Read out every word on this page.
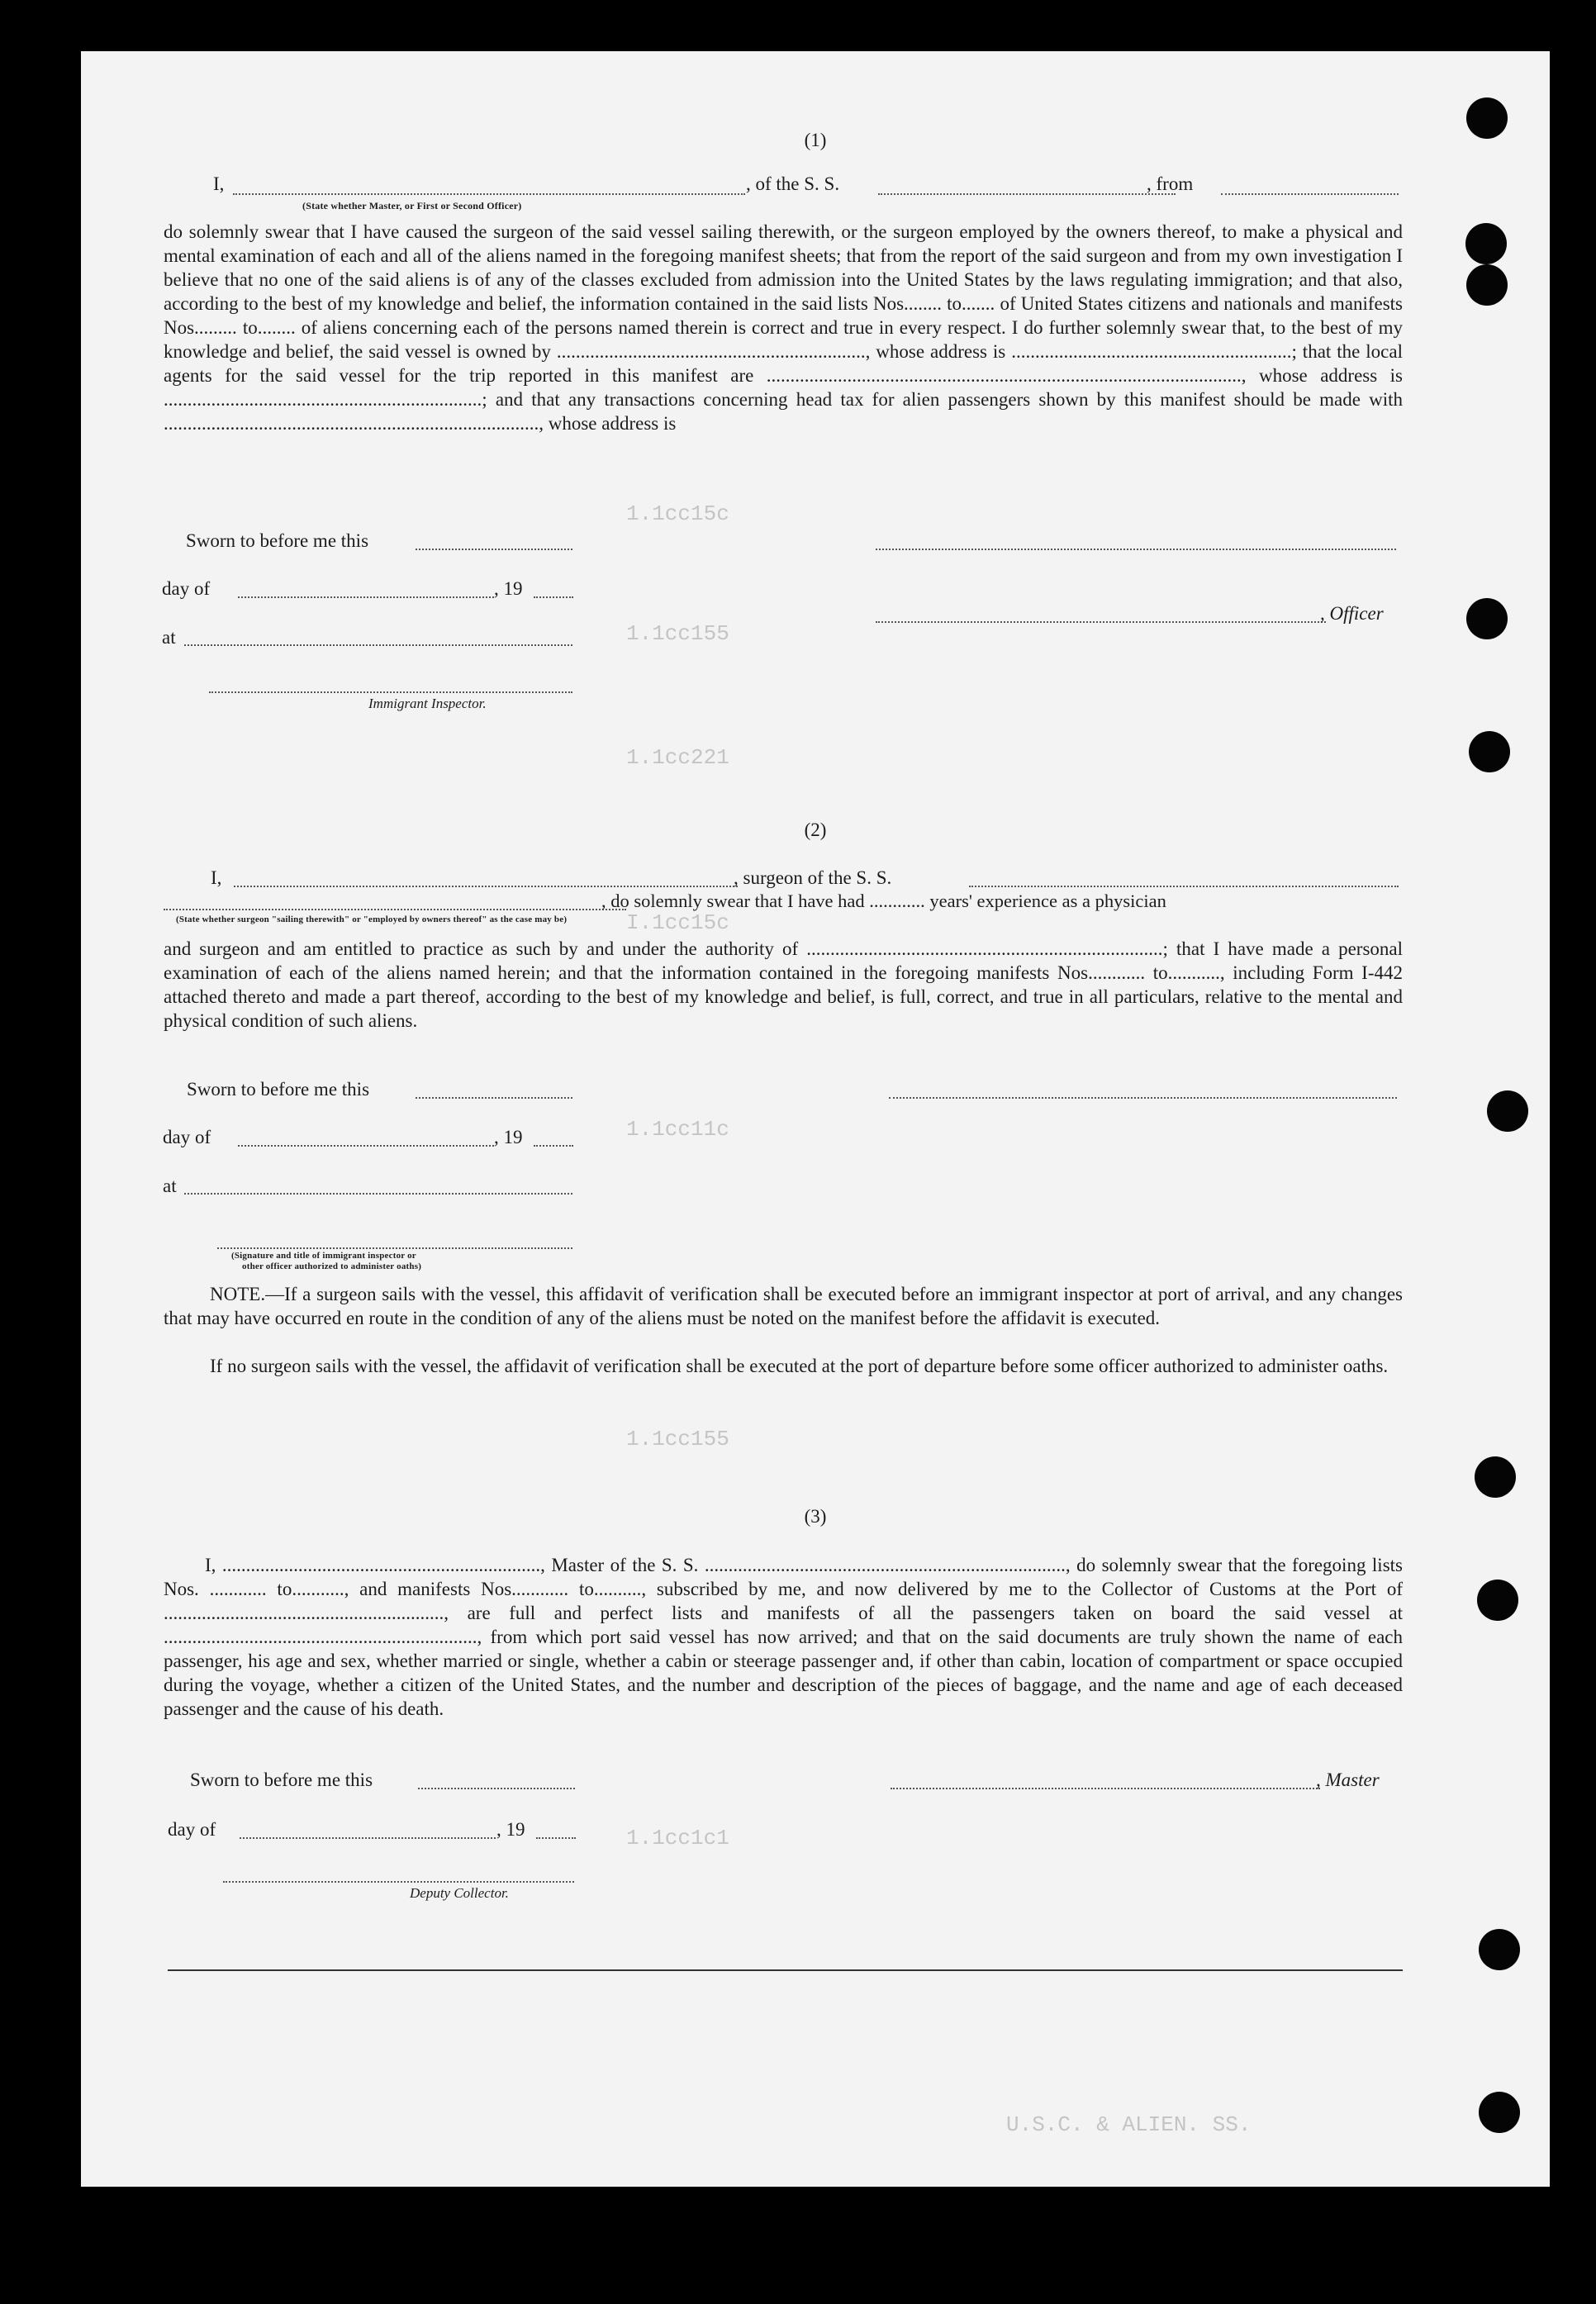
1.1cc15c
1.1cc155
1.1cc221
I.1cc15c
1.1cc11c
1.1cc155
1.1cc1c1
U.S.C. & ALIEN. SS.
(1)
I,	, of the S. S.	, from
(State whether Master, or First or Second Officer)

do solemnly swear that I have caused the surgeon of the said vessel sailing therewith, or the surgeon employed by the owners thereof, to make a physical and mental examination of each and all of the aliens named in the foregoing manifest sheets; that from the report of the said surgeon and from my own investigation I believe that no one of the said aliens is of any of the classes excluded from admission into the United States by the laws regulating immigration; and that also, according to the best of my knowledge and belief, the information contained in the said lists Nos........ to....... of United States citizens and nationals and manifests Nos......... to........ of aliens concerning each of the persons named therein is correct and true in every respect. I do further solemnly swear that, to the best of my knowledge and belief, the said vessel is owned by ................................................................., whose address is ...........................................................; that the local agents for the said vessel for the trip reported in this manifest are ...................................................................................................., whose address is ...................................................................; and that any transactions concerning head tax for alien passengers shown by this manifest should be made with ..............................................................................., whose address is

Sworn to before me this
day of	, 19
at
, Officer
Immigrant Inspector.
(2)
I,	, surgeon of the S. S.
, do solemnly swear that I have had ............ years' experience as a physician
(State whether surgeon "sailing therewith" or "employed by owners thereof" as the case may be)

and surgeon and am entitled to practice as such by and under the authority of ...........................................................................; that I have made a personal examination of each of the aliens named herein; and that the information contained in the foregoing manifests Nos............ to..........., including Form I-442 attached thereto and made a part thereof, according to the best of my knowledge and belief, is full, correct, and true in all particulars, relative to the mental and physical condition of such aliens.

Sworn to before me this
day of	, 19
at
(Signature and title of immigrant inspector or
other officer authorized to administer oaths)

NOTE.—If a surgeon sails with the vessel, this affidavit of verification shall be executed before an immigrant inspector at port of arrival, and any changes that may have occurred en route in the condition of any of the aliens must be noted on the manifest before the affidavit is executed.

If no surgeon sails with the vessel, the affidavit of verification shall be executed at the port of departure before some officer authorized to administer oaths.

(3)

I, ..................................................................., Master of the S. S. ............................................................................, do solemnly swear that the foregoing lists Nos. ............ to..........., and manifests Nos............ to.........., subscribed by me, and now delivered by me to the Collector of Customs at the Port of ..........................................................., are full and perfect lists and manifests of all the passengers taken on board the said vessel at .................................................................., from which port said vessel has now arrived; and that on the said documents are truly shown the name of each passenger, his age and sex, whether married or single, whether a cabin or steerage passenger and, if other than cabin, location of compartment or space occupied during the voyage, whether a citizen of the United States, and the number and description of the pieces of baggage, and the name and age of each deceased passenger and the cause of his death.

Sworn to before me this	, Master
day of	, 19
Deputy Collector.
